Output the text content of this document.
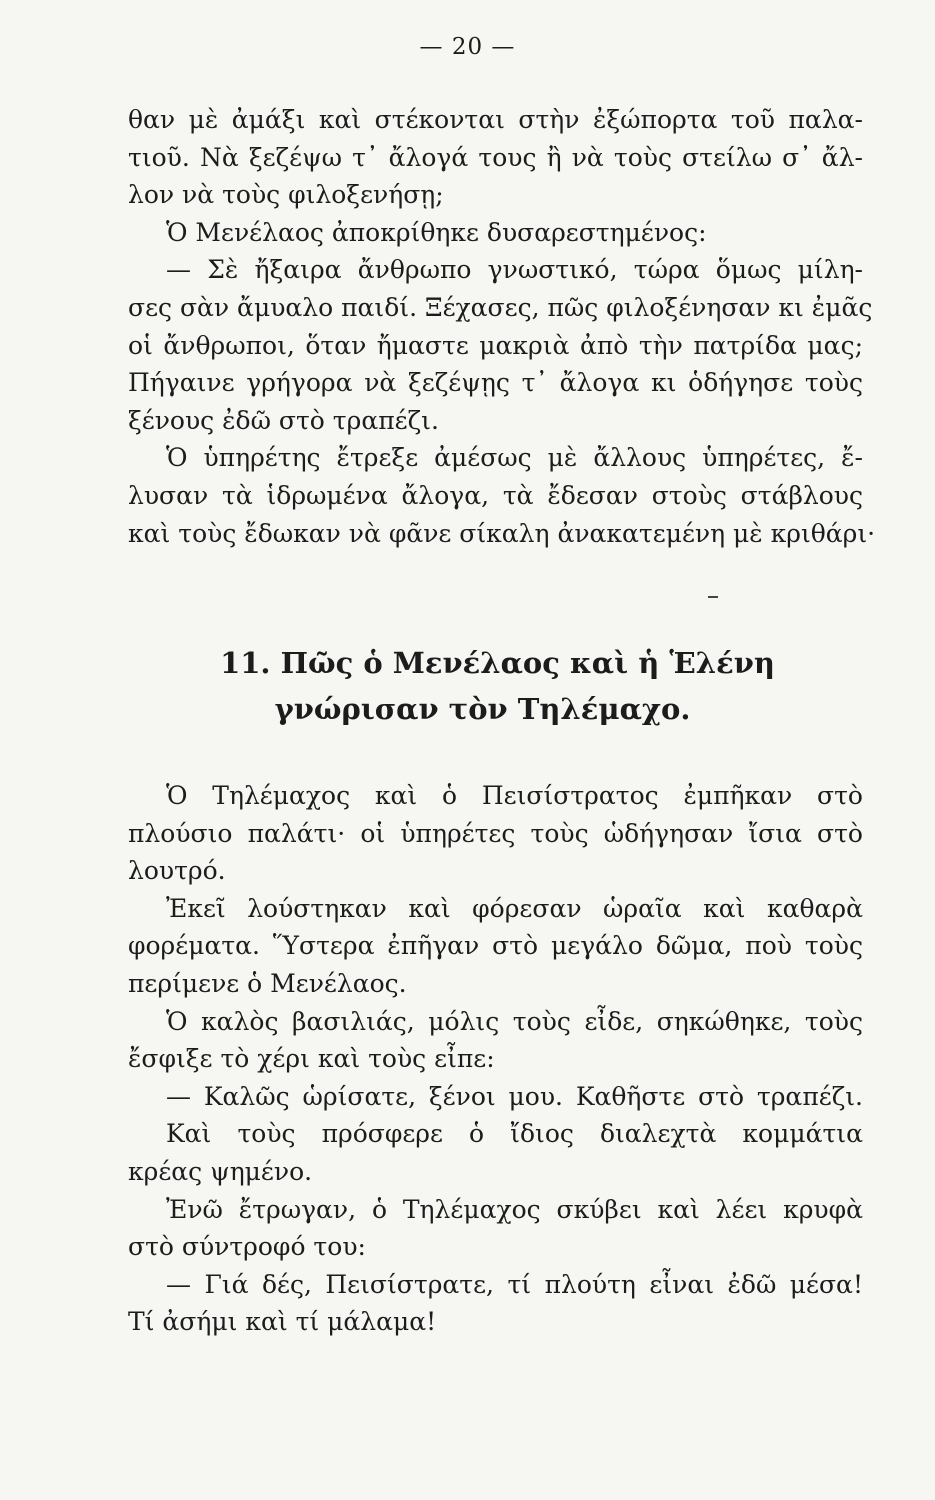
— 20 —
θαν μὲ ἀμάξι καὶ στέκονται στὴν ἐξώπορτα τοῦ παλα-
τιοῦ. Νὰ ξεζέψω τ᾽ ἄλογά τους ἢ νὰ τοὺς στείλω σ᾽ ἄλ-
λον νὰ τοὺς φιλοξενήσῃ;
Ὁ Μενέλαος ἀποκρίθηκε δυσαρεστημένος:
— Σὲ ἤξαιρα ἄνθρωπο γνωστικό, τώρα ὅμως μίλη-
σες σὰν ἄμυαλο παιδί. Ξέχασες, πῶς φιλοξένησαν κι ἐμᾶς
οἱ ἄνθρωποι, ὅταν ἤμαστε μακριὰ ἀπὸ τὴν πατρίδα μας;
Πήγαινε γρήγορα νὰ ξεζέψῃς τ᾽ ἄλογα κι ὁδήγησε τοὺς
ξένους ἐδῶ στὸ τραπέζι.
Ὁ ὑπηρέτης ἔτρεξε ἀμέσως μὲ ἄλλους ὑπηρέτες, ἔ-
λυσαν τὰ ἱδρωμένα ἄλογα, τὰ ἔδεσαν στοὺς στάβλους
καὶ τοὺς ἔδωκαν νὰ φᾶνε σίκαλη ἀνακατεμένη μὲ κριθάρι·
11. Πῶς ὁ Μενέλαος καὶ ἡ Ἑλένη
γνώρισαν τὸν Τηλέμαχο.
Ὁ Τηλέμαχος καὶ ὁ Πεισίστρατος ἐμπῆκαν στὸ
πλούσιο παλάτι· οἱ ὑπηρέτες τοὺς ὡδήγησαν ἴσια στὸ
λουτρό.
Ἐκεῖ λούστηκαν καὶ φόρεσαν ὡραῖα καὶ καθαρὰ
φορέματα. Ὕστερα ἐπῆγαν στὸ μεγάλο δῶμα, ποὺ τοὺς
περίμενε ὁ Μενέλαος.
Ὁ καλὸς βασιλιάς, μόλις τοὺς εἶδε, σηκώθηκε, τοὺς
ἔσφιξε τὸ χέρι καὶ τοὺς εἶπε:
— Καλῶς ὡρίσατε, ξένοι μου. Καθῆστε στὸ τραπέζι.
Καὶ τοὺς πρόσφερε ὁ ἴδιος διαλεχτὰ κομμάτια
κρέας ψημένο.
Ἐνῶ ἔτρωγαν, ὁ Τηλέμαχος σκύβει καὶ λέει κρυφὰ
στὸ σύντροφό του:
— Γιά δές, Πεισίστρατε, τί πλούτη εἶναι ἐδῶ μέσα!
Τί ἀσήμι καὶ τί μάλαμα!
